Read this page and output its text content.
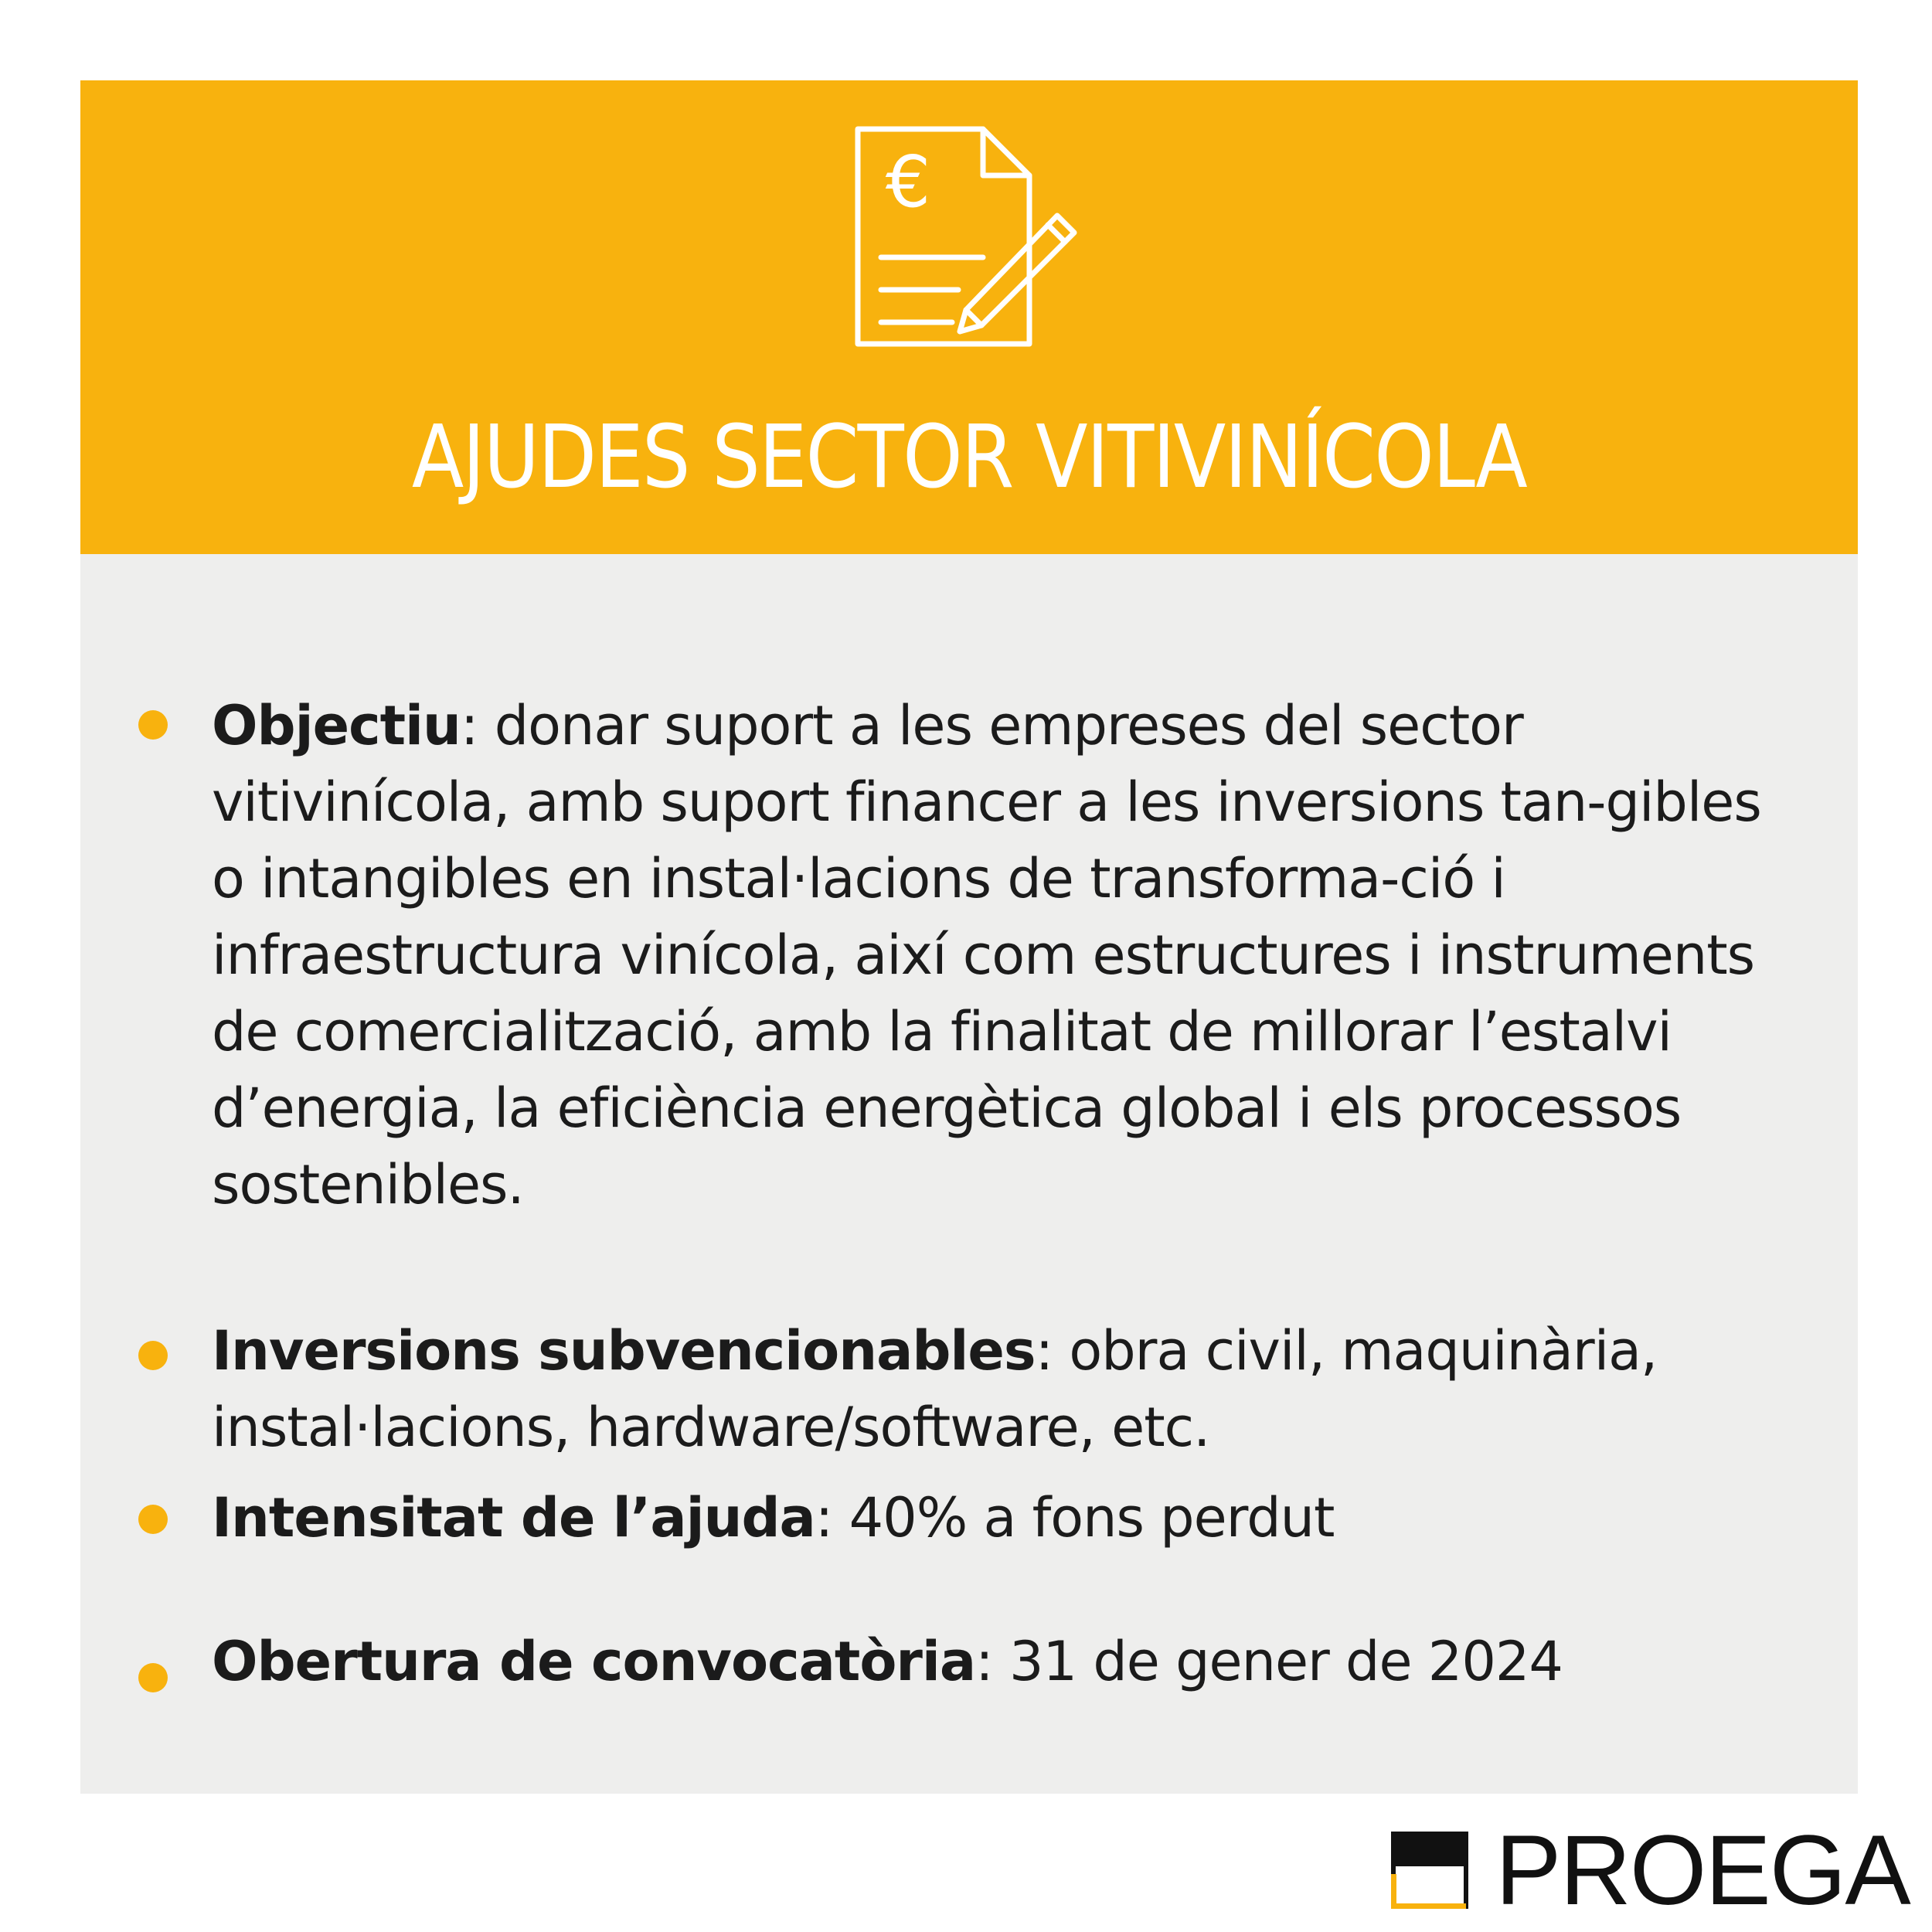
€
AJUDES SECTOR VITIVINÍCOLA
Objectiu: donar suport a les empreses del sector vitivinícola, amb suport financer a les inversions tan-gibles o intangibles en instal·lacions de transforma-ció i infraestructura vinícola, així com estructures i instruments de comercialització, amb la finalitat de millorar l’estalvi d’energia, la eficiència energètica global i els processos sostenibles.
Inversions subvencionables: obra civil, maquinària, instal·lacions, hardware/software, etc.
Intensitat de l’ajuda: 40% a fons perdut
Obertura de convocatòria: 31 de gener de 2024
PROEGA
